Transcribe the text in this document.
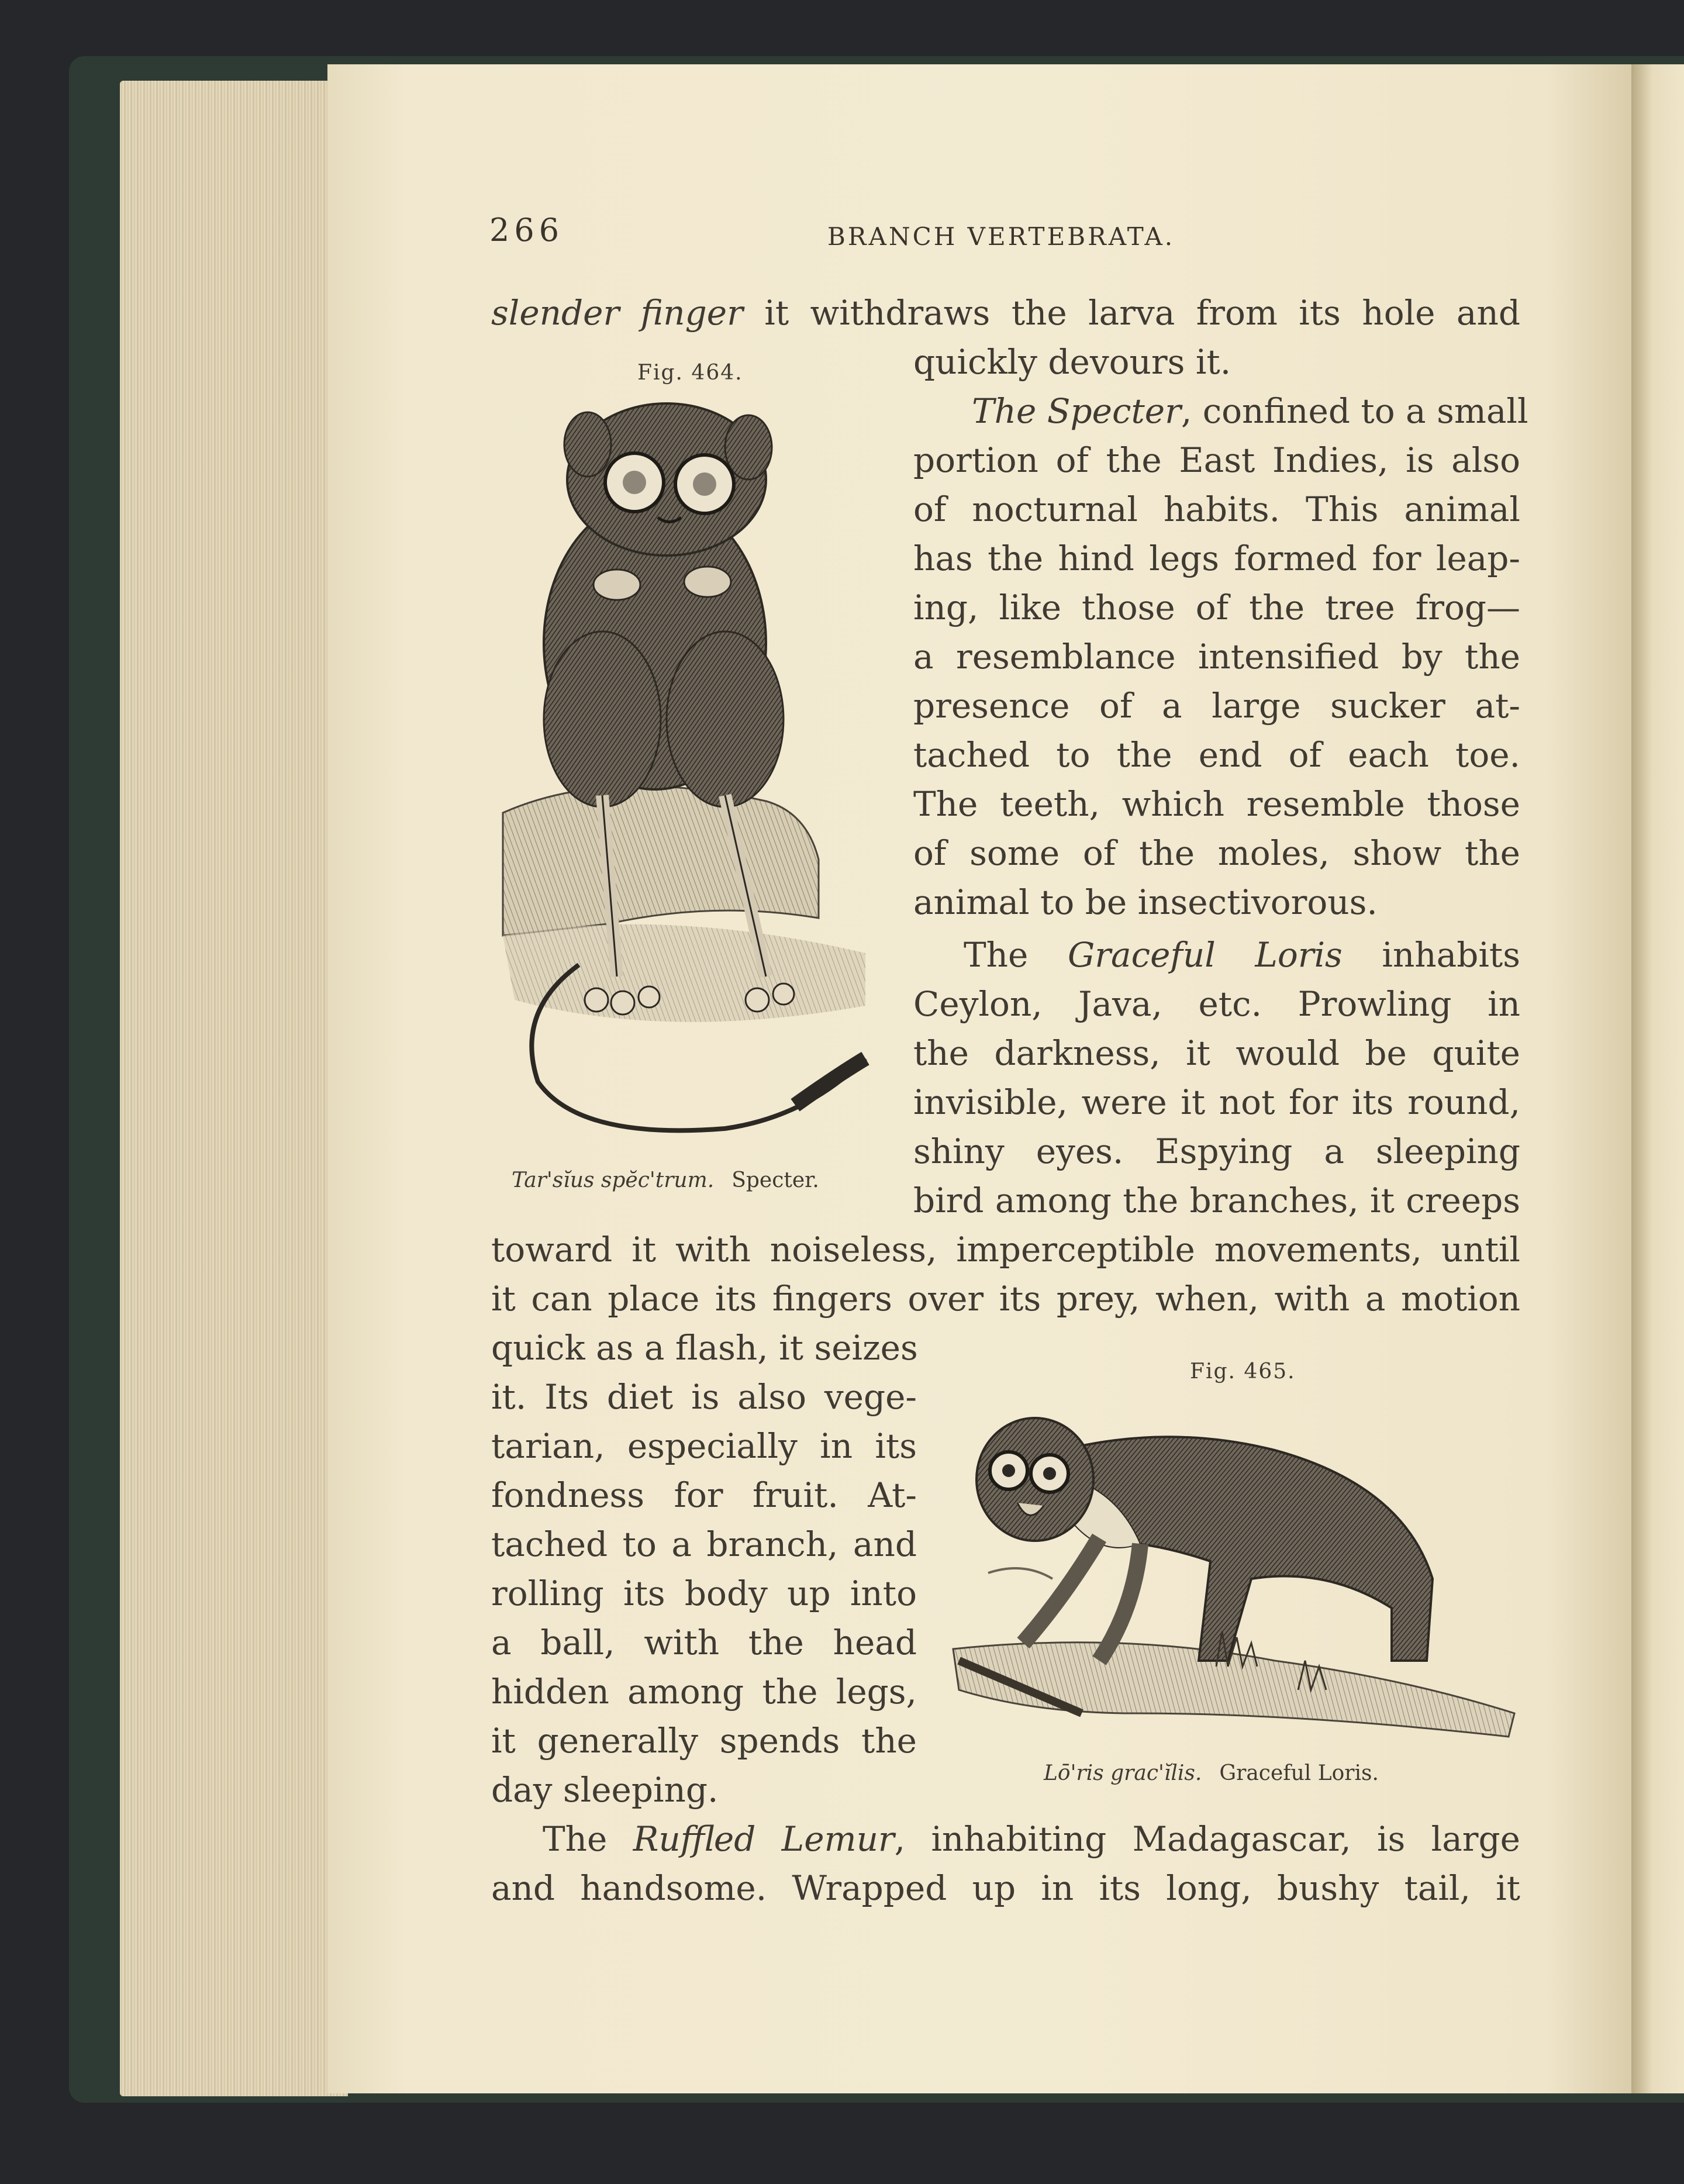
266	BRANCH VERTEBRATA.
slender finger it withdraws the larva from its hole and
quickly devours it.
The Specter, confined to a small
portion of the East Indies, is also
of nocturnal habits. This animal
has the hind legs formed for leap-
ing, like those of the tree frog—
a resemblance intensified by the
presence of a large sucker at-
tached to the end of each toe.
The teeth, which resemble those
of some of the moles, show the
animal to be insectivorous.
The Graceful Loris inhabits
Ceylon, Java, etc. Prowling in
the darkness, it would be quite
invisible, were it not for its round,
shiny eyes. Espying a sleeping
bird among the branches, it creeps
toward it with noiseless, imperceptible movements, until
it can place its fingers over its prey, when, with a motion
quick as a flash, it seizes
it. Its diet is also vege-
tarian, especially in its
fondness for fruit. At-
tached to a branch, and
rolling its body up into
a ball, with the head
hidden among the legs,
it generally spends the
day sleeping.
The Ruffled Lemur, inhabiting Madagascar, is large
and handsome. Wrapped up in its long, bushy tail, it
Fig. 464.
Tar'sĭus spĕc'trum. Specter.
Fig. 465.
Lō'ris grac'ĭlis. Graceful Loris.
